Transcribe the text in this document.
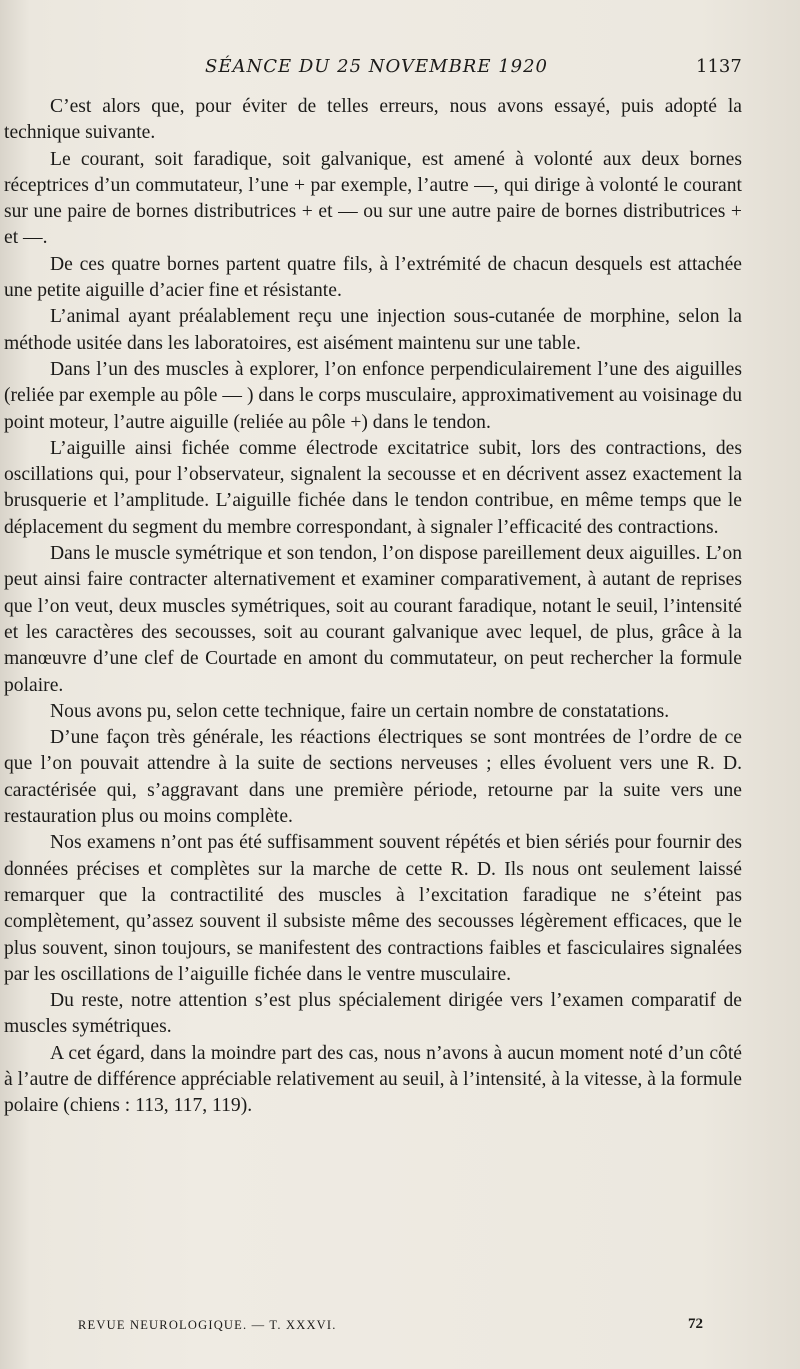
SÉANCE DU 25 NOVEMBRE 1920	1137

C’est alors que, pour éviter de telles erreurs, nous avons essayé, puis adopté la technique suivante.

Le courant, soit faradique, soit galvanique, est amené à volonté aux deux bornes réceptrices d’un commutateur, l’une + par exemple, l’autre —, qui dirige à volonté le courant sur une paire de bornes distributrices + et — ou sur une autre paire de bornes distributrices + et —.

De ces quatre bornes partent quatre fils, à l’extrémité de chacun desquels est attachée une petite aiguille d’acier fine et résistante.

L’animal ayant préalablement reçu une injection sous-cutanée de morphine, selon la méthode usitée dans les laboratoires, est aisément maintenu sur une table.

Dans l’un des muscles à explorer, l’on enfonce perpendiculairement l’une des aiguilles (reliée par exemple au pôle — ) dans le corps musculaire, approximativement au voisinage du point moteur, l’autre aiguille (reliée au pôle +) dans le tendon.

L’aiguille ainsi fichée comme électrode excitatrice subit, lors des contractions, des oscillations qui, pour l’observateur, signalent la secousse et en décrivent assez exactement la brusquerie et l’amplitude. L’aiguille fichée dans le tendon contribue, en même temps que le déplacement du segment du membre correspondant, à signaler l’efficacité des contractions.

Dans le muscle symétrique et son tendon, l’on dispose pareillement deux aiguilles. L’on peut ainsi faire contracter alternativement et examiner comparativement, à autant de reprises que l’on veut, deux muscles symétriques, soit au courant faradique, notant le seuil, l’intensité et les caractères des secousses, soit au courant galvanique avec lequel, de plus, grâce à la manœuvre d’une clef de Courtade en amont du commutateur, on peut rechercher la formule polaire.

Nous avons pu, selon cette technique, faire un certain nombre de constatations.

D’une façon très générale, les réactions électriques se sont montrées de l’ordre de ce que l’on pouvait attendre à la suite de sections nerveuses ; elles évoluent vers une R. D. caractérisée qui, s’aggravant dans une première période, retourne par la suite vers une restauration plus ou moins complète.

Nos examens n’ont pas été suffisamment souvent répétés et bien sériés pour fournir des données précises et complètes sur la marche de cette R. D. Ils nous ont seulement laissé remarquer que la contractilité des muscles à l’excitation faradique ne s’éteint pas complètement, qu’assez souvent il subsiste même des secousses légèrement efficaces, que le plus souvent, sinon toujours, se manifestent des contractions faibles et fasciculaires signalées par les oscillations de l’aiguille fichée dans le ventre musculaire.

Du reste, notre attention s’est plus spécialement dirigée vers l’examen comparatif de muscles symétriques.

A cet égard, dans la moindre part des cas, nous n’avons à aucun moment noté d’un côté à l’autre de différence appréciable relativement au seuil, à l’intensité, à la vitesse, à la formule polaire (chiens : 113, 117, 119).

REVUE NEUROLOGIQUE. — T. XXXVI.	72
